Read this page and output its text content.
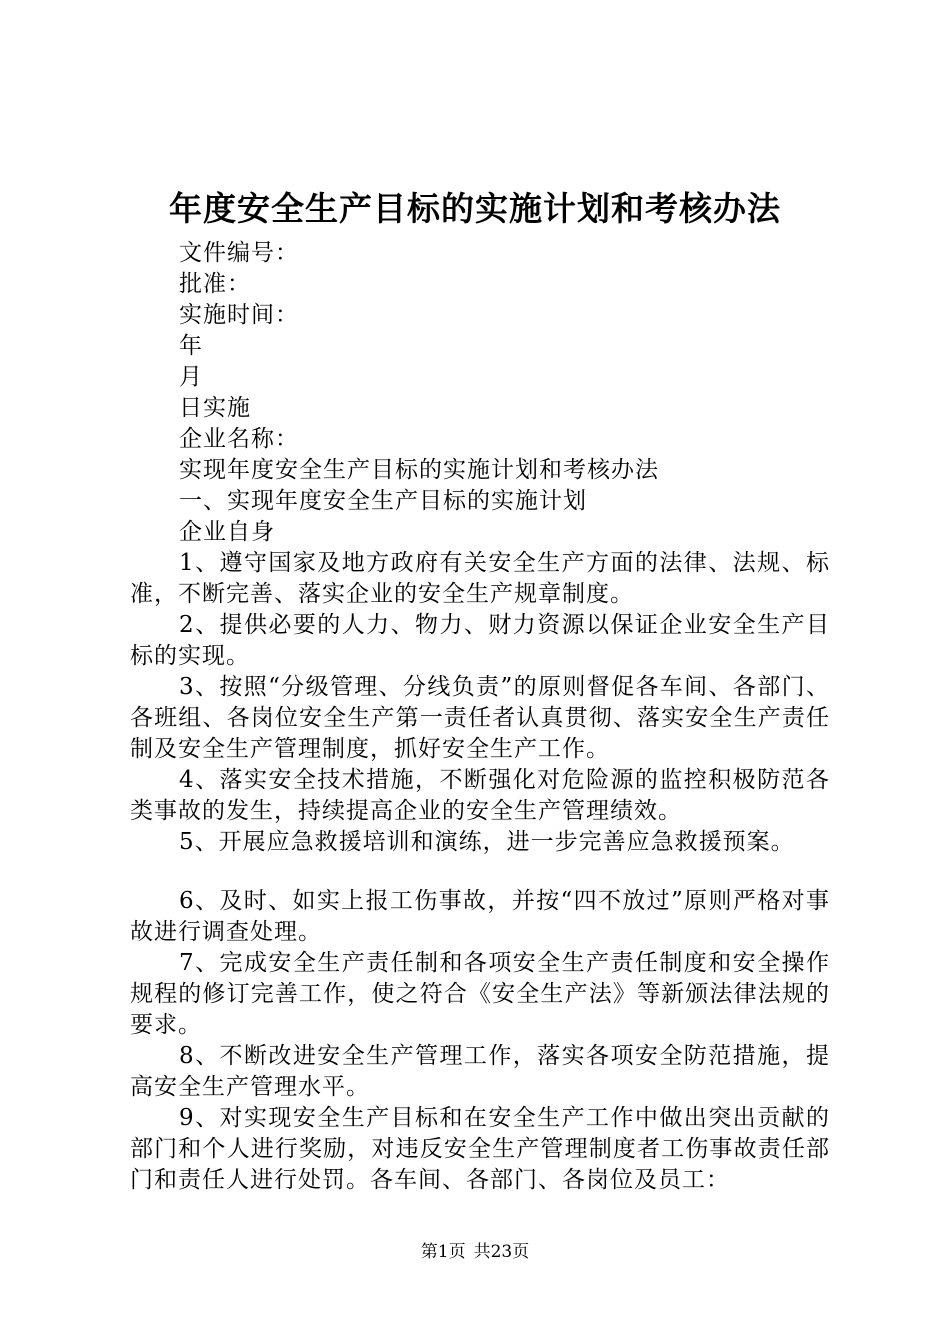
年度安全生产目标的实施计划和考核办法

文件编号：

批准：

实施时间：

年

月

日实施

企业名称：

实现年度安全生产目标的实施计划和考核办法

一、实现年度安全生产目标的实施计划

企业自身

1、遵守国家及地方政府有关安全生产方面的法律、法规、标准，不断完善、落实企业的安全生产规章制度。

2、提供必要的人力、物力、财力资源以保证企业安全生产目标的实现。

3、按照“分级管理、分线负责”的原则督促各车间、各部门、各班组、各岗位安全生产第一责任者认真贯彻、落实安全生产责任制及安全生产管理制度，抓好安全生产工作。

4、落实安全技术措施，不断强化对危险源的监控积极防范各类事故的发生，持续提高企业的安全生产管理绩效。

5、开展应急救援培训和演练，进一步完善应急救援预案。

6、及时、如实上报工伤事故，并按“四不放过”原则严格对事故进行调查处理。

7、完成安全生产责任制和各项安全生产责任制度和安全操作规程的修订完善工作，使之符合《安全生产法》等新颁法律法规的要求。

8、不断改进安全生产管理工作，落实各项安全防范措施，提高安全生产管理水平。

9、对实现安全生产目标和在安全生产工作中做出突出贡献的部门和个人进行奖励，对违反安全生产管理制度者工伤事故责任部门和责任人进行处罚。各车间、各部门、各岗位及员工：

第1页 共23页
